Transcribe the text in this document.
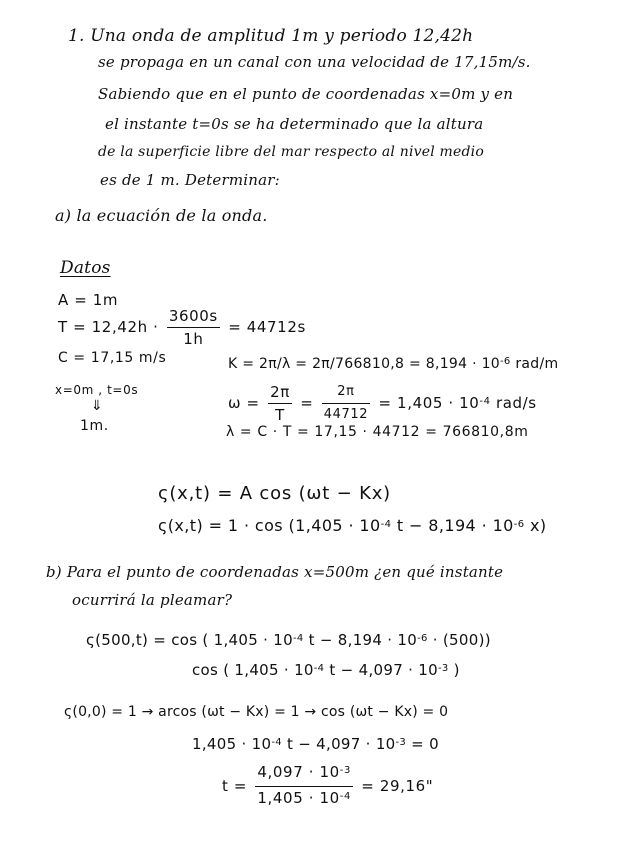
1. Una onda de amplitud 1m y periodo 12,42h
se propaga en un canal con una velocidad de 17,15m/s.
Sabiendo que en el punto de coordenadas x=0m y en
el instante t=0s se ha determinado que la altura
de la superficie libre del mar respecto al nivel medio
es de 1 m. Determinar:
a) la ecuación de la onda.
Datos
A = 1m
$T = 12,42h \cdot \frac{3600s}{1h} = 44712s$
C = 17,15 m/s
x=0m , t=0s
⇓
1m.
$K = 2\pi/\lambda = 2\pi/766810,8 = 8,194 \cdot 10^{-6}$ rad/m
$\omega = \frac{2\pi}{T} = \frac{2\pi}{44712} = 1,405 \cdot 10^{-4}$ rad/s
λ = C · T = 17,15 · 44712 = 766810,8m
ς(x,t) = A cos (ωt − Kx)
$\varsigma(x,t) = 1 \cdot \cos (1,405 \cdot 10^{-4}$ $t - 8,194 \cdot 10^{-6}$ x)
b) Para el punto de coordenadas x=500m ¿en qué instante
ocurrirá la pleamar?
ς(500,t) = cos ( $1,405 \cdot 10^{-4}$ $t - 8,194 \cdot 10^{-6} \cdot (500)$)
cos ( $1,405 \cdot 10^{-4}$ $t - 4,097 \cdot 10^{-3}$ )
ς(0,0) = 1 → arcos (ωt − Kx) = 1 → cos (ωt − Kx) = 0
$1,405 \cdot 10^{-4}$ $t - 4,097 \cdot 10^{-3} = 0$
$t = \frac{4,097 \cdot 10^{-3}}{1,405 \cdot 10^{-4}} = 29,16$"
